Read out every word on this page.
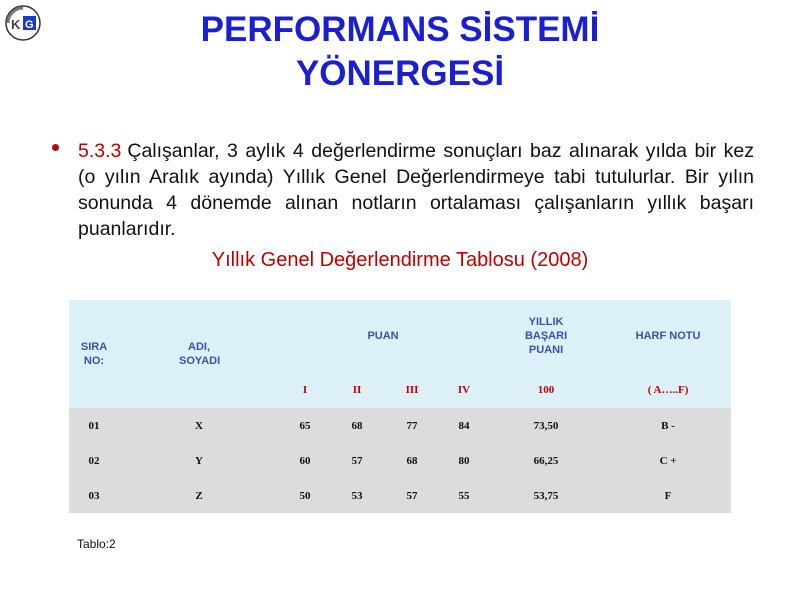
K G	PERFORMANS SİSTEMİ
YÖNERGESİ
5.3.3 Çalışanlar, 3 aylık 4 değerlendirme sonuçları baz alınarak yılda bir kez (o yılın Aralık ayında) Yıllık Genel Değerlendirmeye tabi tutulurlar. Bir yılın sonunda 4 dönemde alınan notların ortalaması çalışanların yıllık başarı puanlarıdır.

Yıllık Genel Değerlendirme Tablosu (2008)

SIRA NO:	ADI, SOYADI	PUAN				YILLIK BAŞARI PUANI	HARF NOTU
		I	II	III	IV	100	( A…..F)
01	X	65	68	77	84	73,50	B -
02	Y	60	57	68	80	66,25	C +
03	Z	50	53	57	55	53,75	F

Tablo:2
